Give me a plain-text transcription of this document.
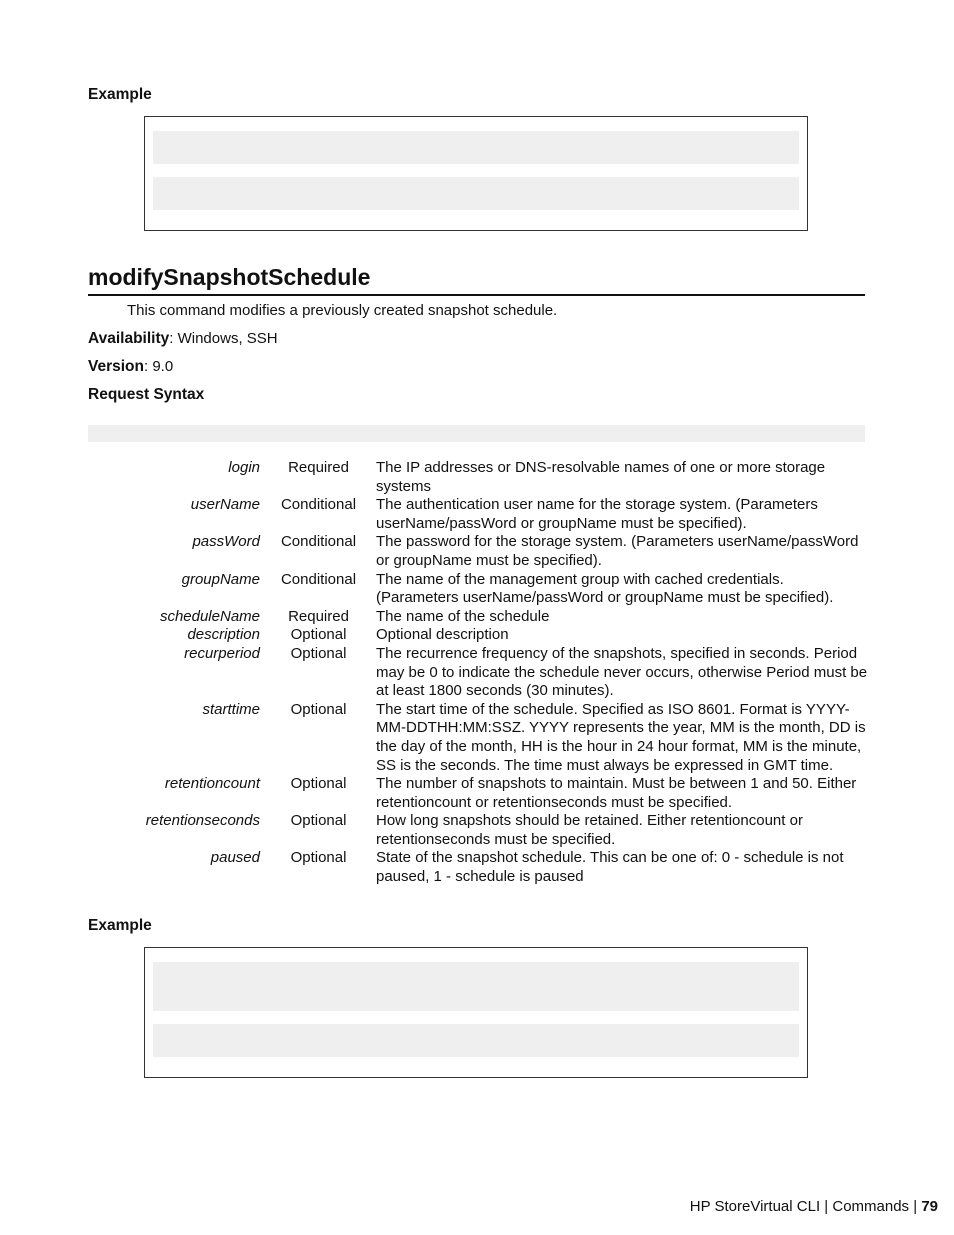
Example
modifySnapshotSchedule
This command modifies a previously created snapshot schedule.
Availability: Windows, SSH
Version: 9.0
Request Syntax
login	Required	The IP addresses or DNS-resolvable names of one or more storage systems
userName	Conditional	The authentication user name for the storage system. (Parameters userName/passWord or groupName must be specified).
passWord	Conditional	The password for the storage system. (Parameters userName/passWord or groupName must be specified).
groupName	Conditional	The name of the management group with cached credentials. (Parameters userName/passWord or groupName must be specified).
scheduleName	Required	The name of the schedule
description	Optional	Optional description
recurperiod	Optional	The recurrence frequency of the snapshots, specified in seconds. Period may be 0 to indicate the schedule never occurs, otherwise Period must be at least 1800 seconds (30 minutes).
starttime	Optional	The start time of the schedule. Specified as ISO 8601. Format is YYYY-MM-DDTHH:MM:SSZ. YYYY represents the year, MM is the month, DD is the day of the month, HH is the hour in 24 hour format, MM is the minute, SS is the seconds. The time must always be expressed in GMT time.
retentioncount	Optional	The number of snapshots to maintain. Must be between 1 and 50. Either retentioncount or retentionseconds must be specified.
retentionseconds	Optional	How long snapshots should be retained. Either retentioncount or retentionseconds must be specified.
paused	Optional	State of the snapshot schedule. This can be one of: 0 - schedule is not paused, 1 - schedule is paused
Example
HP StoreVirtual CLI | Commands | 79
